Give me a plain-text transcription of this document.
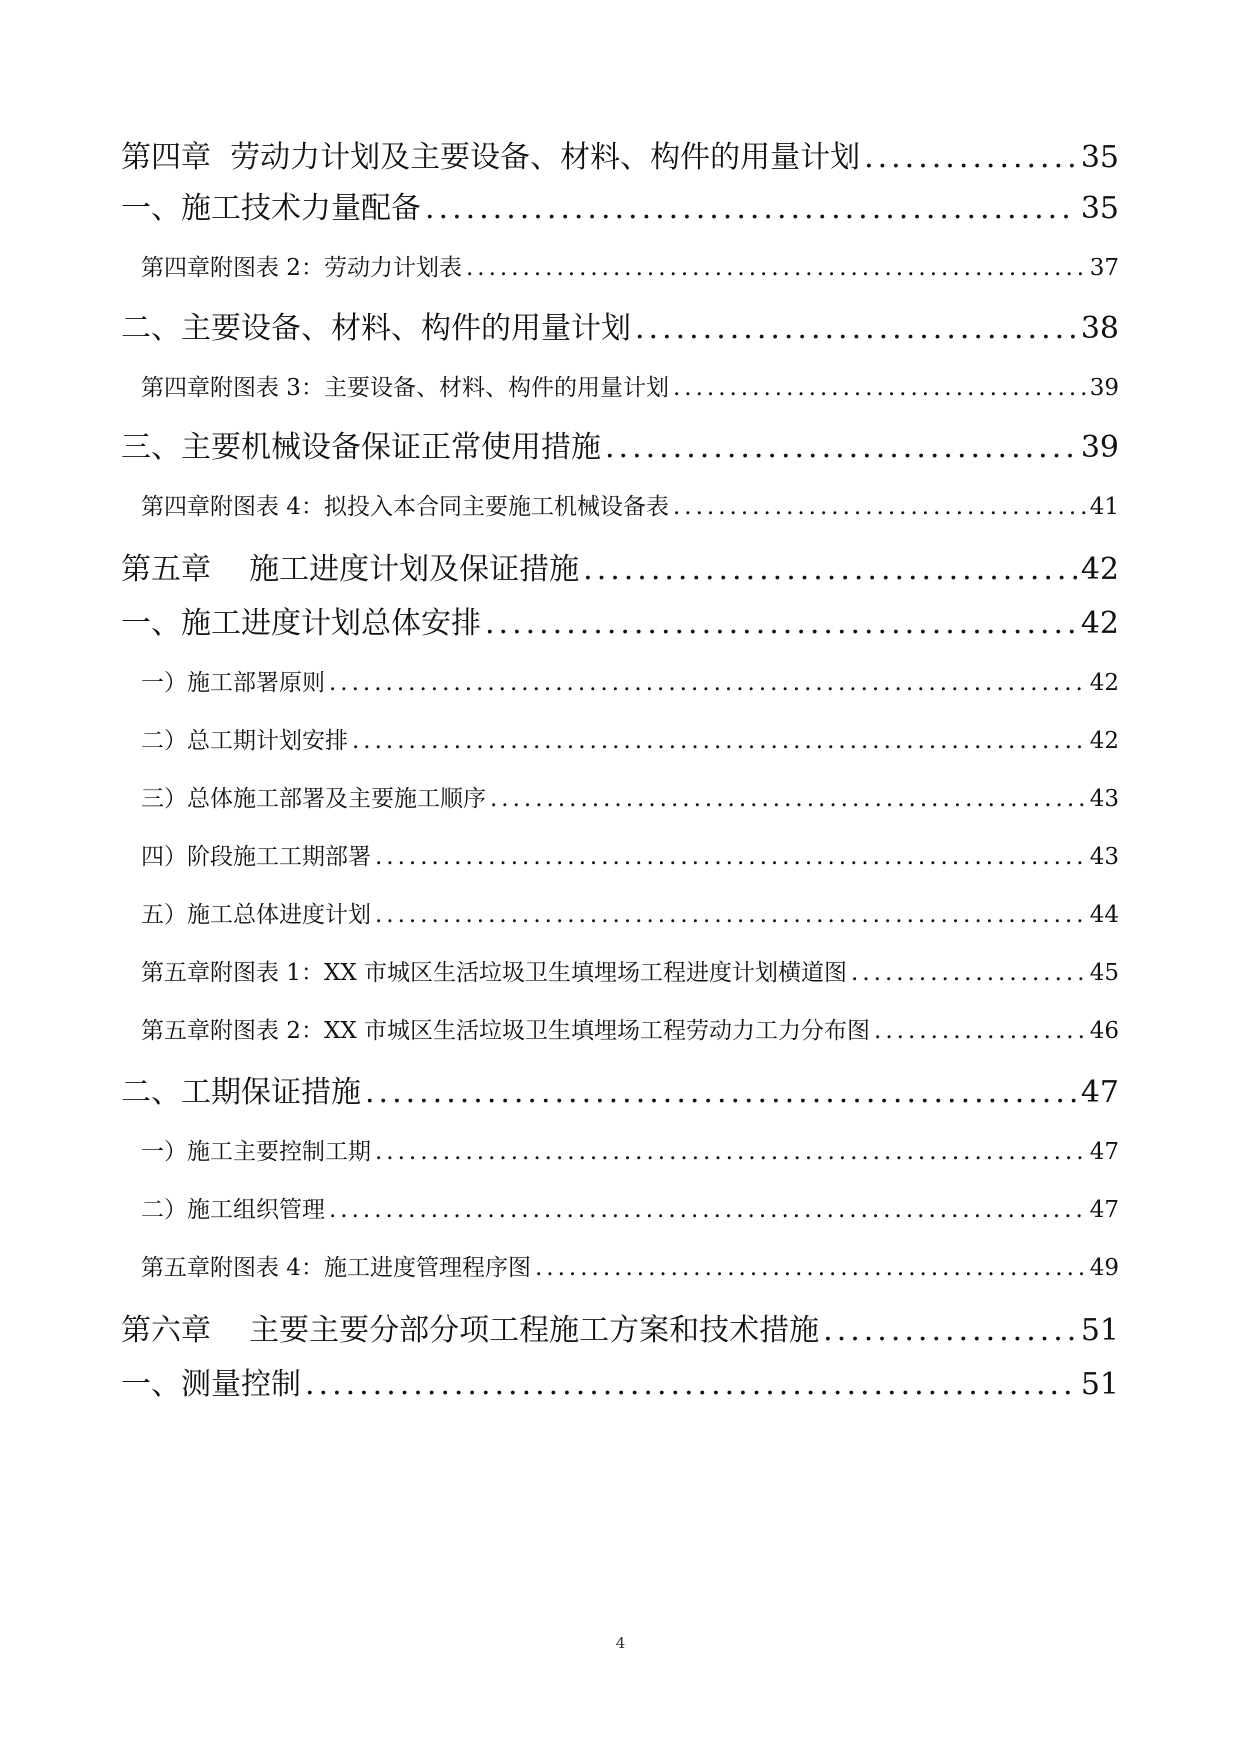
第四章  劳动力计划及主要设备、材料、构件的用量计划 .....	35
一、施工技术力量配备 .....	35
第四章附图表 2：劳动力计划表 .....	37
二、主要设备、材料、构件的用量计划 .....	38
第四章附图表 3：主要设备、材料、构件的用量计划 .....	39
三、主要机械设备保证正常使用措施 .....	39
第四章附图表 4：拟投入本合同主要施工机械设备表 .....	41
第五章    施工进度计划及保证措施 .....	42
一、施工进度计划总体安排 .....	42
一）施工部署原则 .....	42
二）总工期计划安排 .....	42
三）总体施工部署及主要施工顺序 .....	43
四）阶段施工工期部署 .....	43
五）施工总体进度计划 .....	44
第五章附图表 1：XX 市城区生活垃圾卫生填埋场工程进度计划横道图 .....	45
第五章附图表 2：XX 市城区生活垃圾卫生填埋场工程劳动力工力分布图 .....	46
二、工期保证措施 .....	47
一）施工主要控制工期 .....	47
二）施工组织管理 .....	47
第五章附图表 4：施工进度管理程序图 .....	49
第六章    主要主要分部分项工程施工方案和技术措施 .....	51
一、测量控制 .....	51
4
